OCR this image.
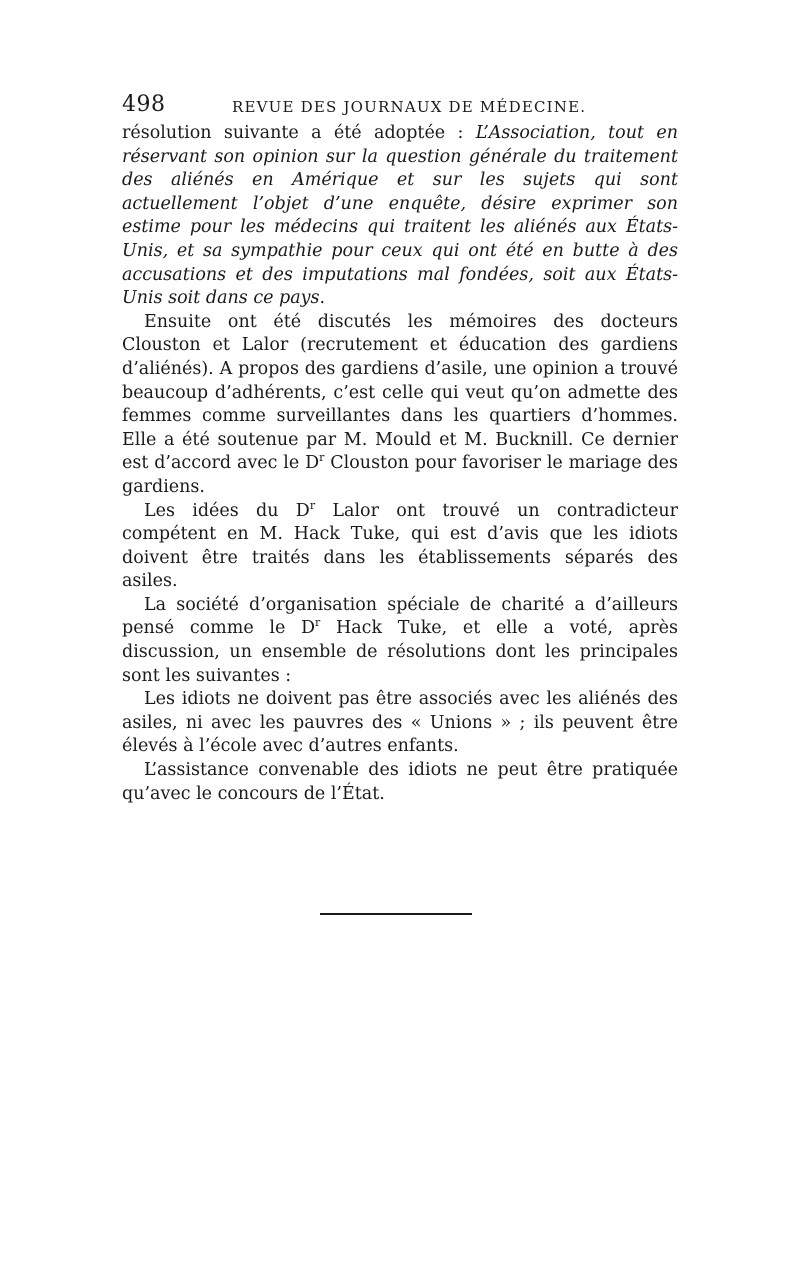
498	REVUE DES JOURNAUX DE MÉDECINE.

résolution suivante a été adoptée : L’Association, tout en réservant son opinion sur la question générale du traitement des aliénés en Amérique et sur les sujets qui sont actuellement l’objet d’une enquête, désire exprimer son estime pour les médecins qui traitent les aliénés aux États-Unis, et sa sympathie pour ceux qui ont été en butte à des accusations et des imputations mal fondées, soit aux États-Unis soit dans ce pays.

Ensuite ont été discutés les mémoires des docteurs Clouston et Lalor (recrutement et éducation des gardiens d’aliénés). A propos des gardiens d’asile, une opinion a trouvé beaucoup d’adhérents, c’est celle qui veut qu’on admette des femmes comme surveillantes dans les quartiers d’hommes. Elle a été soutenue par M. Mould et M. Bucknill. Ce dernier est d’accord avec le $D^r$ Clouston pour favoriser le mariage des gardiens.

Les idées du $D^r$ Lalor ont trouvé un contradicteur compétent en M. Hack Tuke, qui est d’avis que les idiots doivent être traités dans les établissements séparés des asiles.

La société d’organisation spéciale de charité a d’ailleurs pensé comme le $D^r$ Hack Tuke, et elle a voté, après discussion, un ensemble de résolutions dont les principales sont les suivantes :

Les idiots ne doivent pas être associés avec les aliénés des asiles, ni avec les pauvres des « Unions » ; ils peuvent être élevés à l’école avec d’autres enfants.

L’assistance convenable des idiots ne peut être pratiquée qu’avec le concours de l’État.
